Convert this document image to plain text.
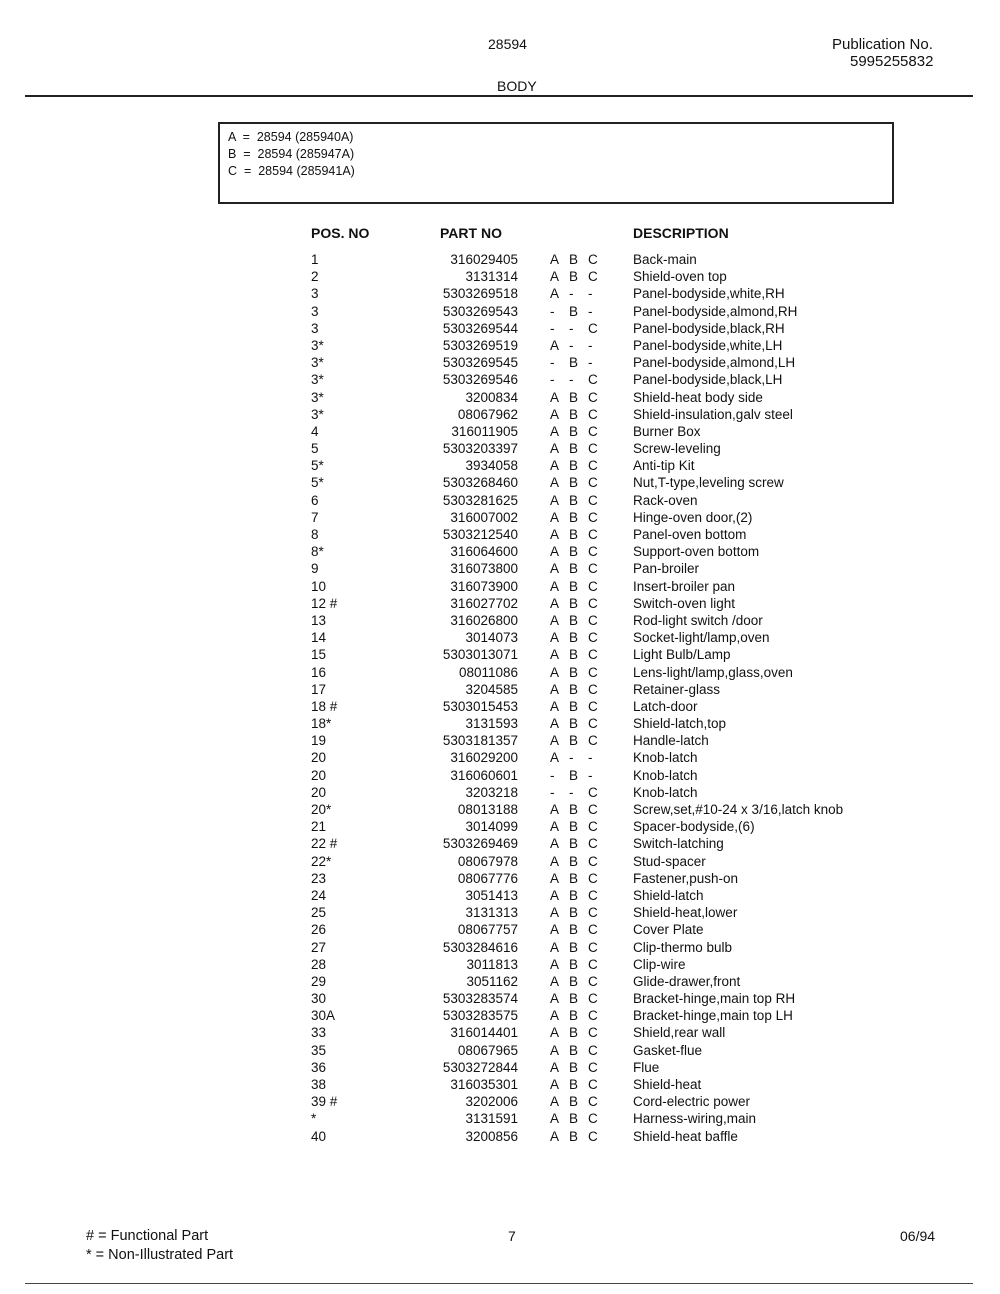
28594	Publication No.
5995255832
BODY
A  =  28594 (285940A)
B  =  28594 (285947A)
C  =  28594 (285941A)
POS. NO	PART NO	DESCRIPTION
1	316029405 A B C	Back-main
2	3131314 A B C	Shield-oven top
3	5303269518 A - -	Panel-bodyside,white,RH
3	5303269543 - B -	Panel-bodyside,almond,RH
3	5303269544 - - C	Panel-bodyside,black,RH
3*	5303269519 A - -	Panel-bodyside,white,LH
3*	5303269545 - B -	Panel-bodyside,almond,LH
3*	5303269546 - - C	Panel-bodyside,black,LH
3*	3200834 A B C	Shield-heat body side
3*	08067962 A B C	Shield-insulation,galv steel
4	316011905 A B C	Burner Box
5	5303203397 A B C	Screw-leveling
5*	3934058 A B C	Anti-tip Kit
5*	5303268460 A B C	Nut,T-type,leveling screw
6	5303281625 A B C	Rack-oven
7	316007002 A B C	Hinge-oven door,(2)
8	5303212540 A B C	Panel-oven bottom
8*	316064600 A B C	Support-oven bottom
9	316073800 A B C	Pan-broiler
10	316073900 A B C	Insert-broiler pan
12 #	316027702 A B C	Switch-oven light
13	316026800 A B C	Rod-light switch /door
14	3014073 A B C	Socket-light/lamp,oven
15	5303013071 A B C	Light Bulb/Lamp
16	08011086 A B C	Lens-light/lamp,glass,oven
17	3204585 A B C	Retainer-glass
18 #	5303015453 A B C	Latch-door
18*	3131593 A B C	Shield-latch,top
19	5303181357 A B C	Handle-latch
20	316029200 A - -	Knob-latch
20	316060601 - B -	Knob-latch
20	3203218 - - C	Knob-latch
20*	08013188 A B C	Screw,set,#10-24 x 3/16,latch knob
21	3014099 A B C	Spacer-bodyside,(6)
22 #	5303269469 A B C	Switch-latching
22*	08067978 A B C	Stud-spacer
23	08067776 A B C	Fastener,push-on
24	3051413 A B C	Shield-latch
25	3131313 A B C	Shield-heat,lower
26	08067757 A B C	Cover Plate
27	5303284616 A B C	Clip-thermo bulb
28	3011813 A B C	Clip-wire
29	3051162 A B C	Glide-drawer,front
30	5303283574 A B C	Bracket-hinge,main top RH
30A	5303283575 A B C	Bracket-hinge,main top LH
33	316014401 A B C	Shield,rear wall
35	08067965 A B C	Gasket-flue
36	5303272844 A B C	Flue
38	316035301 A B C	Shield-heat
39 #	3202006 A B C	Cord-electric power
*	3131591 A B C	Harness-wiring,main
40	3200856 A B C	Shield-heat baffle
# = Functional Part
* = Non-Illustrated Part
7	06/94
